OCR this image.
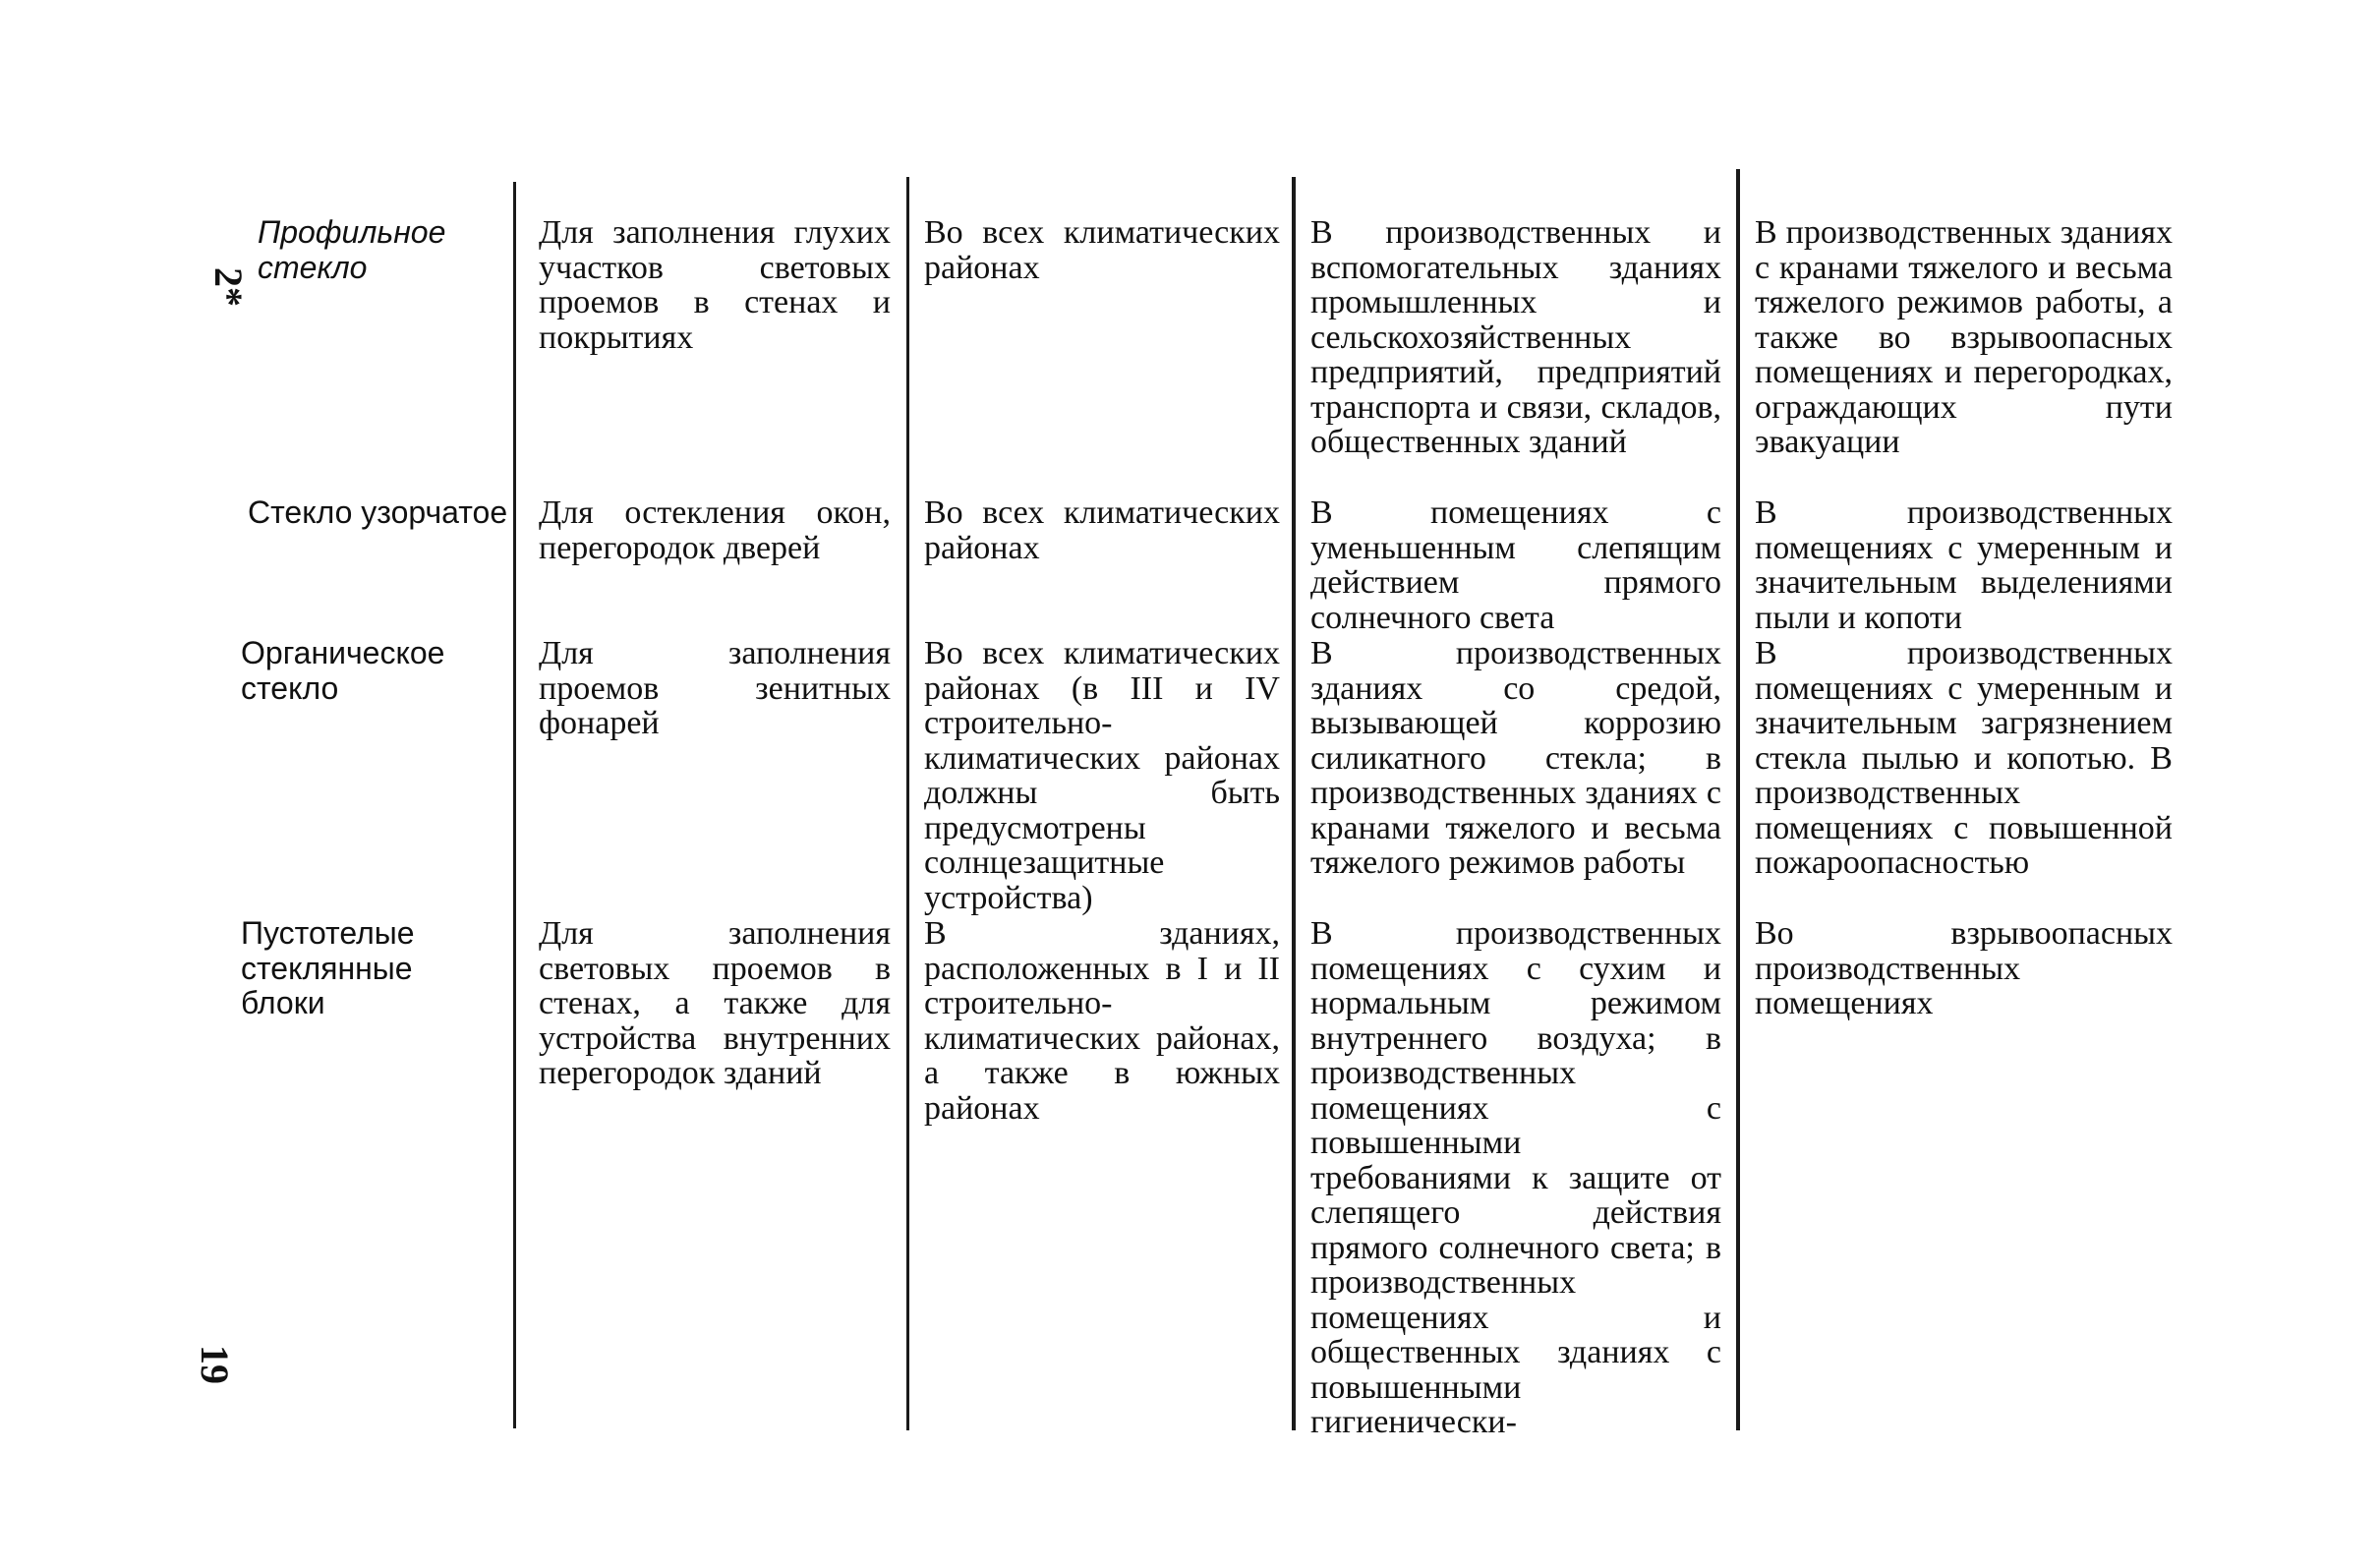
2*
19
Профильное стекло
Для заполнения глухих участков световых проемов в стенах и покрытиях
Во всех климатических районах
В производственных и вспомогательных зданиях промышленных и сельскохозяйственных предприятий, предприятий транспорта и связи, складов, общественных зданий
В производственных зданиях с кранами тяжелого и весьма тяжелого режимов работы, а также во взрывоопасных помещениях и перегородках, ограждающих пути эвакуации
Стекло узорчатое Для остекления окон, перегородок дверей
Во всех климатических районах
В помещениях с уменьшенным слепящим действием прямого солнечного света
В производственных помещениях с умеренным и значительным выделениями пыли и копоти
Органическое стекло
Для заполнения проемов зенитных фонарей
Во всех климатических районах (в III и IV строительно-климатических районах должны быть предусмотрены солнцезащитные устройства)
В производственных зданиях со средой, вызывающей коррозию силикатного стекла; в производственных зданиях с кранами тяжелого и весьма тяжелого режимов работы
В производственных помещениях с умеренным и значительным загрязнением стекла пылью и копотью. В производственных помещениях с повышенной пожароопасностью
Пустотелые стеклянные блоки
Для заполнения световых проемов в стенах, а также для устройства внутренних перегородок зданий
В зданиях, расположенных в I и II строительно-климатических районах, а также в южных районах
В производственных помещениях с сухим и нормальным режимом внутреннего воздуха; в производственных помещениях с повышенными требованиями к защите от слепящего действия прямого солнечного света; в производственных помещениях и общественных зданиях с повышенными гигиенически-
Во взрывоопасных производственных помещениях
